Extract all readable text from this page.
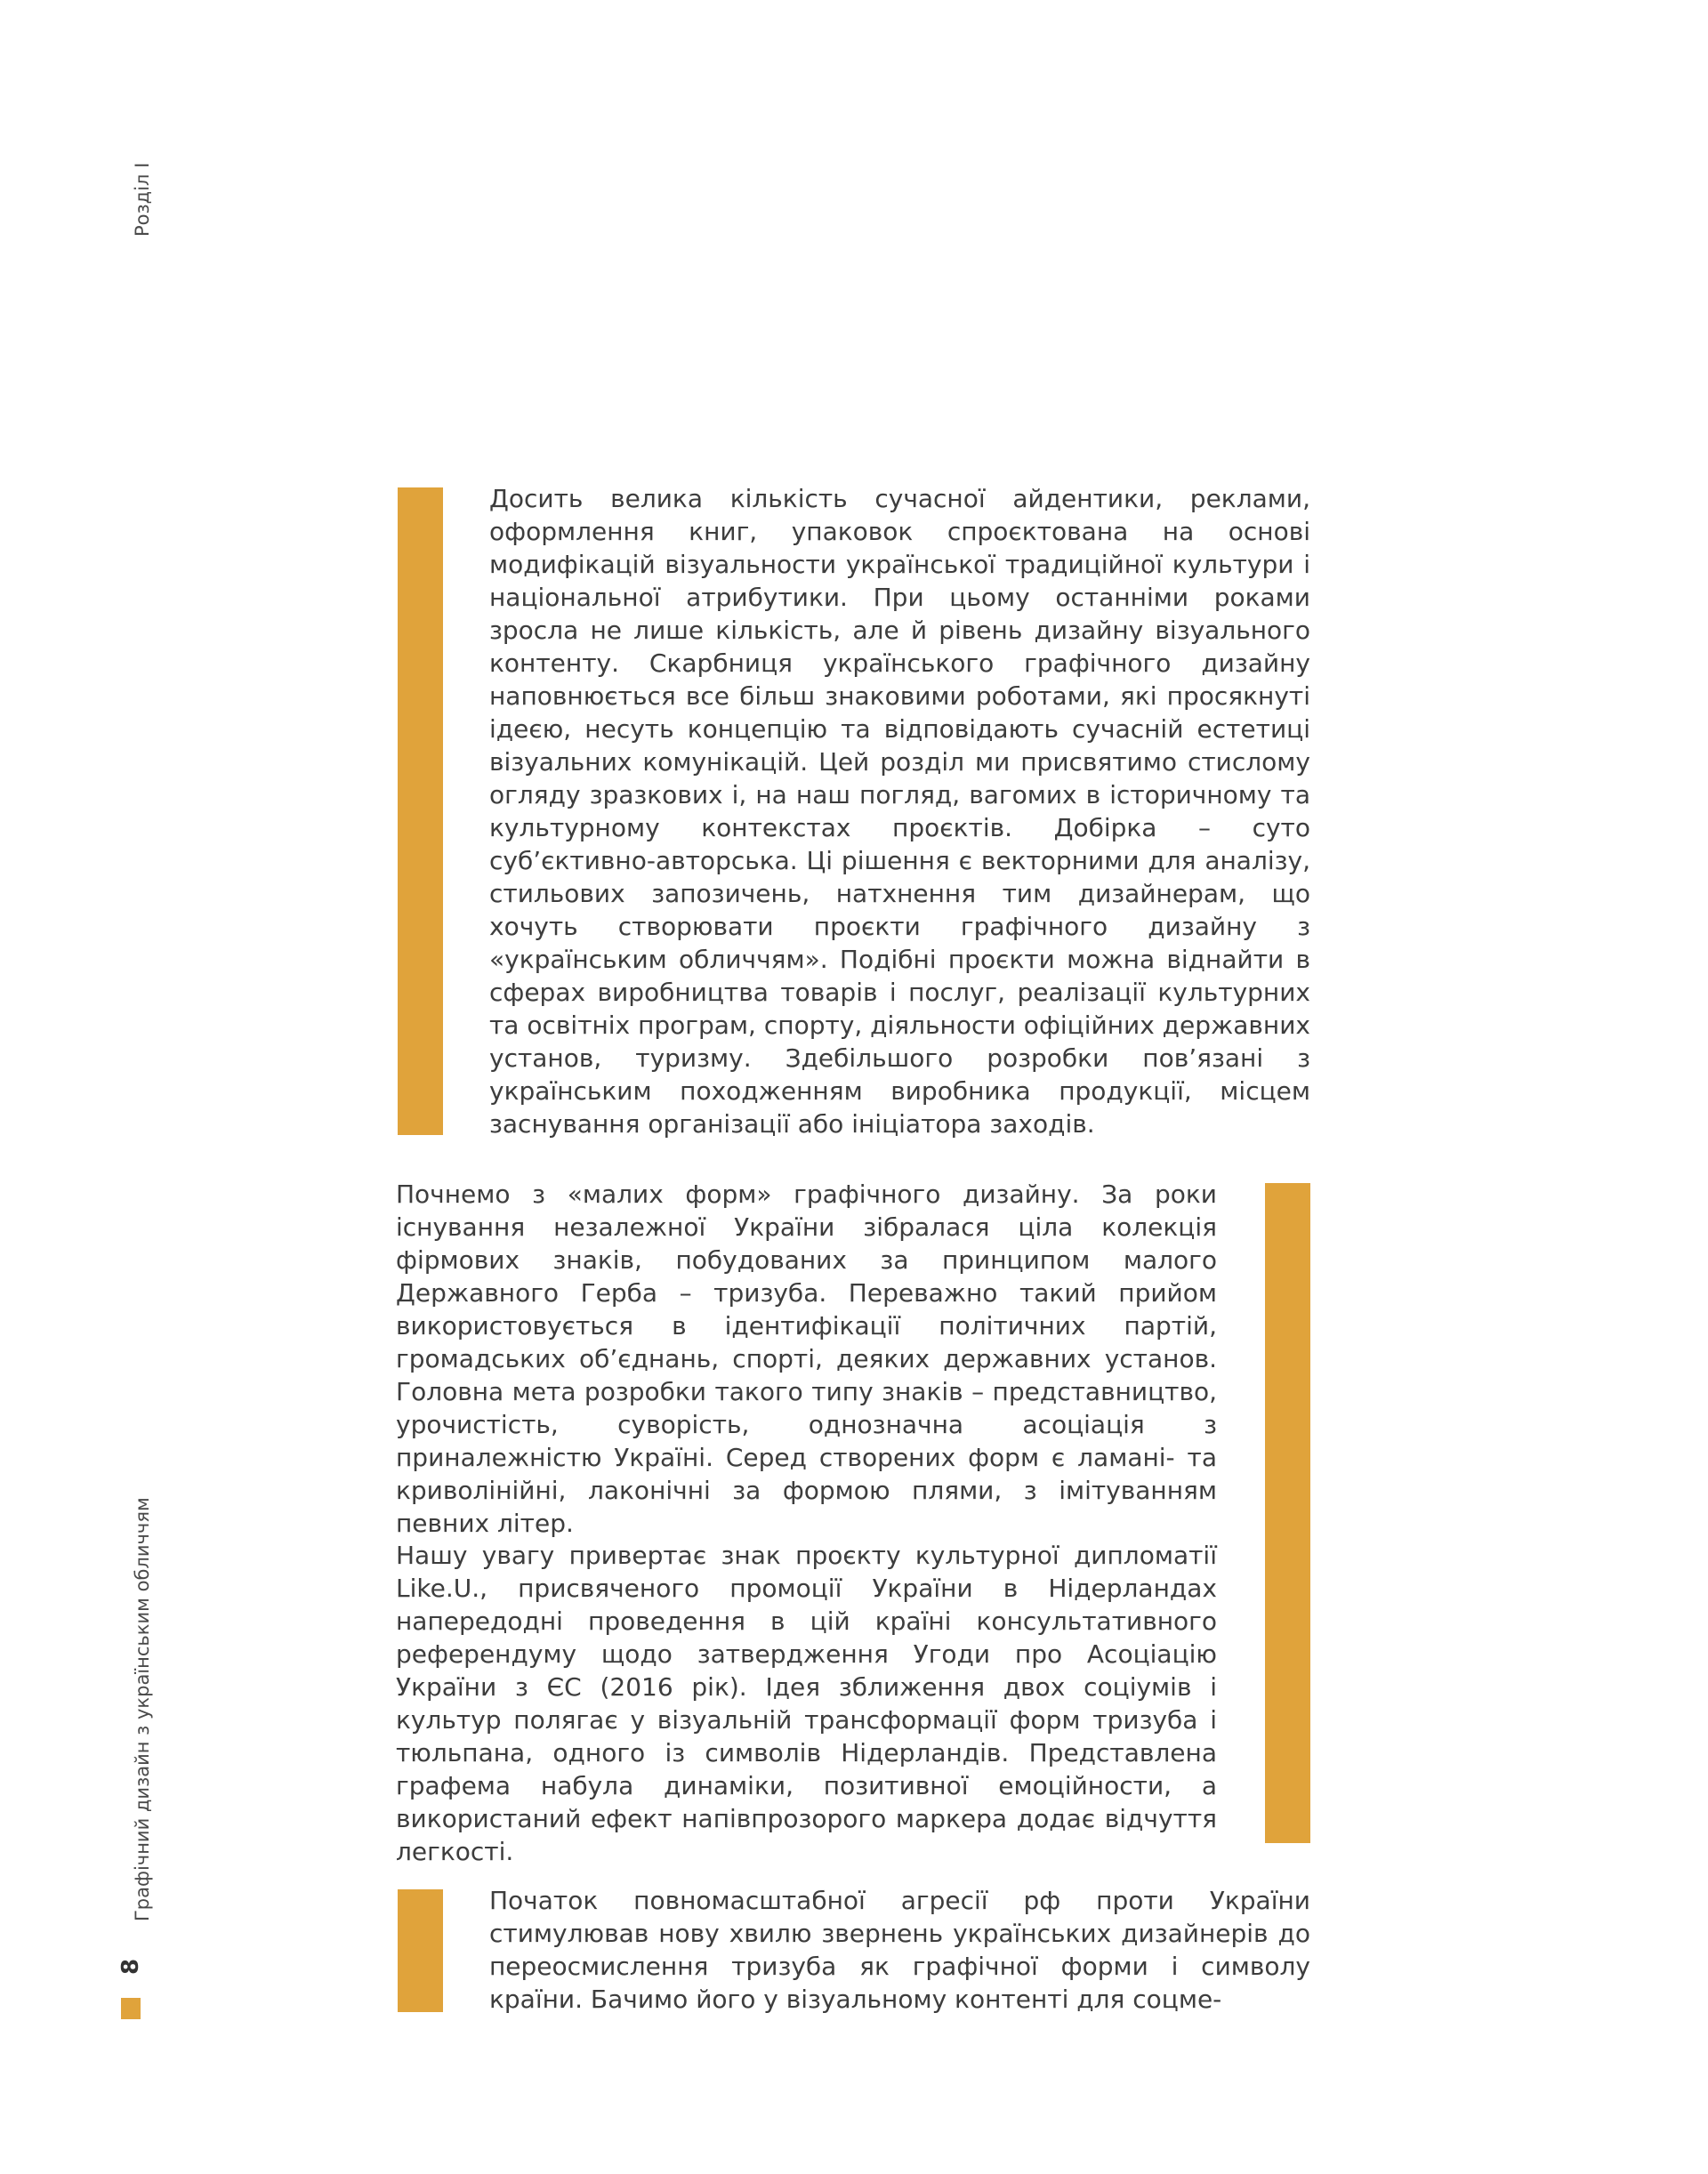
Розділ I
Графічний дизайн з українським обличчям
8

Досить велика кількість сучасної айдентики, реклами, оформлення книг, упаковок спроєктована на основі модифікацій візуальности української традиційної культури і національної атрибутики. При цьому останніми роками зросла не лише кількість, але й рівень дизайну візуального контенту. Скарбниця українського графічного дизайну наповнюється все більш знаковими роботами, які просякнуті ідеєю, несуть концепцію та відповідають сучасній естетиці візуальних комунікацій. Цей розділ ми присвятимо стислому огляду зразкових і, на наш погляд, вагомих в історичному та культурному контекстах проєктів. Добірка – суто суб’єктивно-авторська. Ці рішення є векторними для аналізу, стильових запозичень, натхнення тим дизайнерам, що хочуть створювати проєкти графічного дизайну з «українським обличчям». Подібні проєкти можна віднайти в сферах виробництва товарів і послуг, реалізації культурних та освітніх програм, спорту, діяльности офіційних державних установ, туризму. Здебільшого розробки пов’язані з українським походженням виробника продукції, місцем заснування організації або ініціатора заходів.

Почнемо з «малих форм» графічного дизайну. За роки існування незалежної України зібралася ціла колекція фірмових знаків, побудованих за принципом малого Державного Герба – тризуба. Переважно такий прийом використовується в ідентифікації політичних партій, громадських об’єднань, спорті, деяких державних установ. Головна мета розробки такого типу знаків – представництво, урочистість, суворість, однозначна асоціація з приналежністю Україні. Серед створених форм є ламані- та криволінійні, лаконічні за формою плями, з імітуванням певних літер.

Нашу увагу привертає знак проєкту культурної дипломатії Like.U., присвяченого промоції України в Нідерландах напередодні проведення в цій країні консультативного референдуму щодо затвердження Угоди про Асоціацію України з ЄС (2016 рік). Ідея зближення двох соціумів і культур полягає у візуальній трансформації форм тризуба і тюльпана, одного із символів Нідерландів. Представлена графема набула динаміки, позитивної емоційности, а використаний ефект напівпрозорого маркера додає відчуття легкості.

Початок повномасштабної агресії рф проти України стимулював нову хвилю звернень українських дизайнерів до переосмислення тризуба як графічної форми і символу країни. Бачимо його у візуальному контенті для соцме-
